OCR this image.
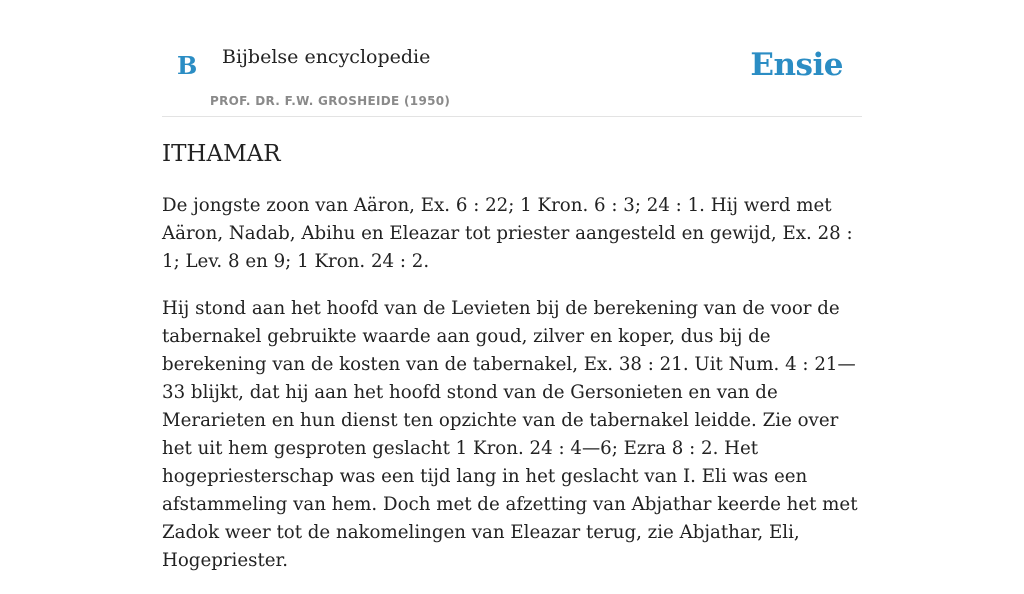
B Bijbelse encyclopedie
PROF. DR. F.W. GROSHEIDE (1950)
Ensie
ITHAMAR

De jongste zoon van Aäron, Ex. 6 : 22; 1 Kron. 6 : 3; 24 : 1. Hij werd met Aäron, Nadab, Abihu en Eleazar tot priester aangesteld en gewijd, Ex. 28 : 1; Lev. 8 en 9; 1 Kron. 24 : 2.

Hij stond aan het hoofd van de Levieten bij de berekening van de voor de tabernakel gebruikte waarde aan goud, zilver en koper, dus bij de berekening van de kosten van de tabernakel, Ex. 38 : 21. Uit Num. 4 : 21—33 blijkt, dat hij aan het hoofd stond van de Gersonieten en van de Merarieten en hun dienst ten opzichte van de tabernakel leidde. Zie over het uit hem gesproten geslacht 1 Kron. 24 : 4—6; Ezra 8 : 2. Het hogepriesterschap was een tijd lang in het geslacht van I. Eli was een afstammeling van hem. Doch met de afzetting van Abjathar keerde het met Zadok weer tot de nakomelingen van Eleazar terug, zie Abjathar, Eli, Hogepriester.
